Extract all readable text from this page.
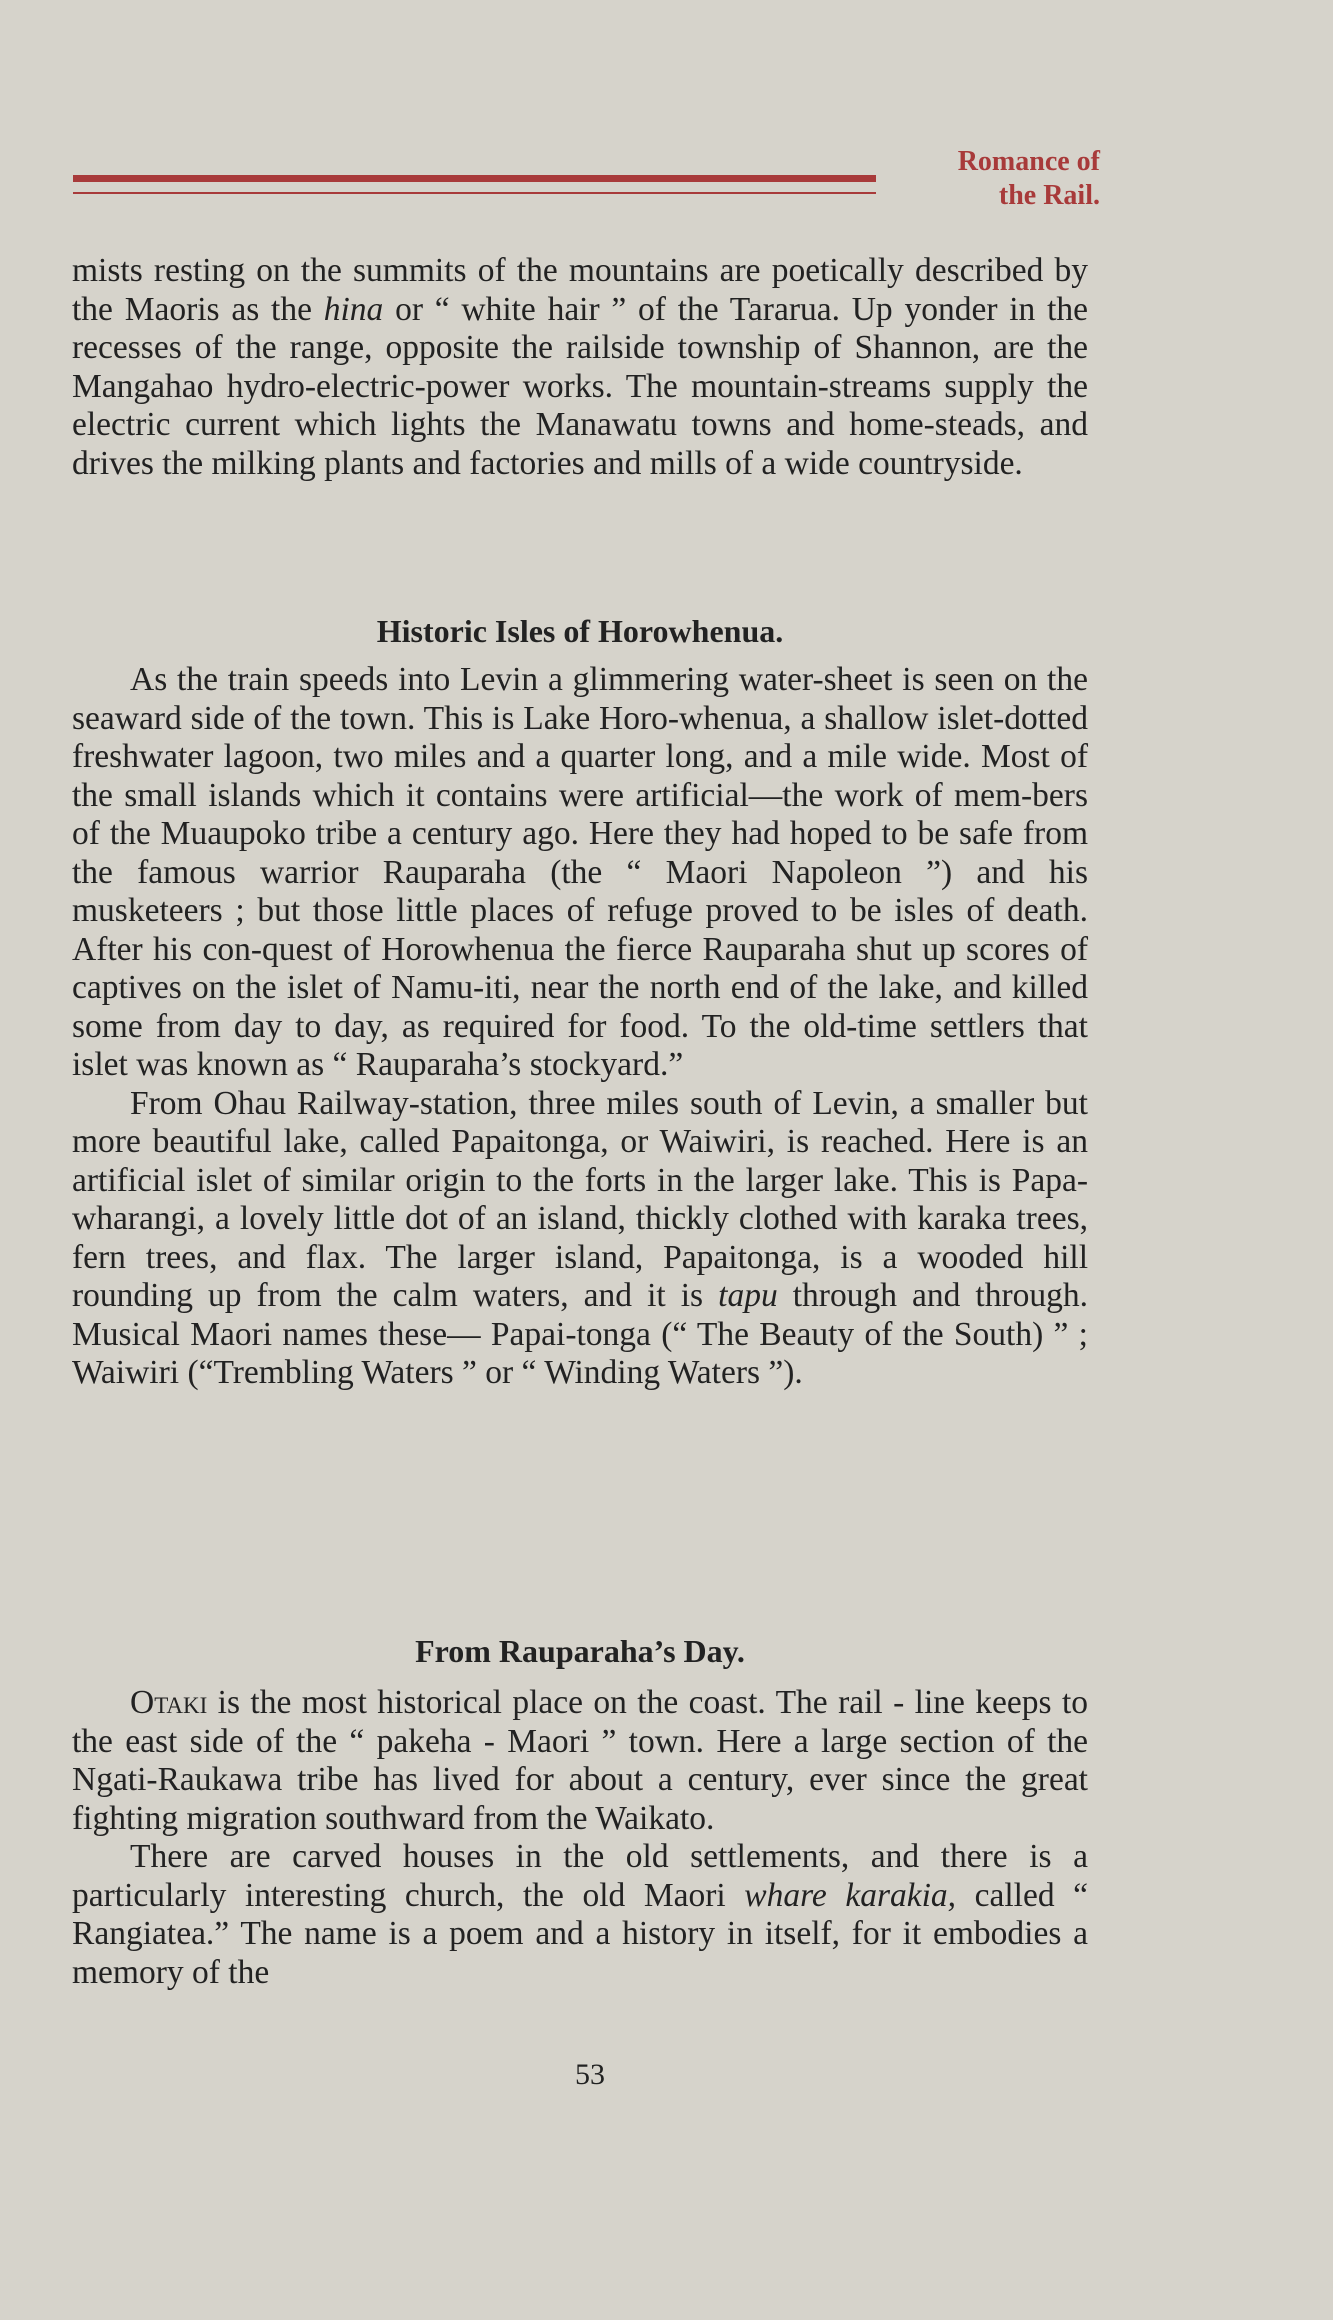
Romance of
the Rail.

mists resting on the summits of the mountains are poetically described by the Maoris as the hina or “ white hair ” of the Tararua. Up yonder in the recesses of the range, opposite the railside township of Shannon, are the Mangahao hydro-electric-power works. The mountain-streams supply the electric current which lights the Manawatu towns and home-steads, and drives the milking plants and factories and mills of a wide countryside.

Historic Isles of Horowhenua.

As the train speeds into Levin a glimmering water-sheet is seen on the seaward side of the town. This is Lake Horo-whenua, a shallow islet-dotted freshwater lagoon, two miles and a quarter long, and a mile wide. Most of the small islands which it contains were artificial—the work of mem-bers of the Muaupoko tribe a century ago. Here they had hoped to be safe from the famous warrior Rauparaha (the “ Maori Napoleon ”) and his musketeers ; but those little places of refuge proved to be isles of death. After his con-quest of Horowhenua the fierce Rauparaha shut up scores of captives on the islet of Namu-iti, near the north end of the lake, and killed some from day to day, as required for food. To the old-time settlers that islet was known as “ Rauparaha’s stockyard.”

From Ohau Railway-station, three miles south of Levin, a smaller but more beautiful lake, called Papaitonga, or Waiwiri, is reached. Here is an artificial islet of similar origin to the forts in the larger lake. This is Papa-wharangi, a lovely little dot of an island, thickly clothed with karaka trees, fern trees, and flax. The larger island, Papaitonga, is a wooded hill rounding up from the calm waters, and it is tapu through and through. Musical Maori names these— Papai-tonga (“ The Beauty of the South) ” ; Waiwiri (“Trembling Waters ” or “ Winding Waters ”).

From Rauparaha’s Day.

Otaki is the most historical place on the coast. The rail - line keeps to the east side of the “ pakeha - Maori ” town. Here a large section of the Ngati-Raukawa tribe has lived for about a century, ever since the great fighting migration southward from the Waikato.

There are carved houses in the old settlements, and there is a particularly interesting church, the old Maori whare karakia, called “ Rangiatea.” The name is a poem and a history in itself, for it embodies a memory of the

53
